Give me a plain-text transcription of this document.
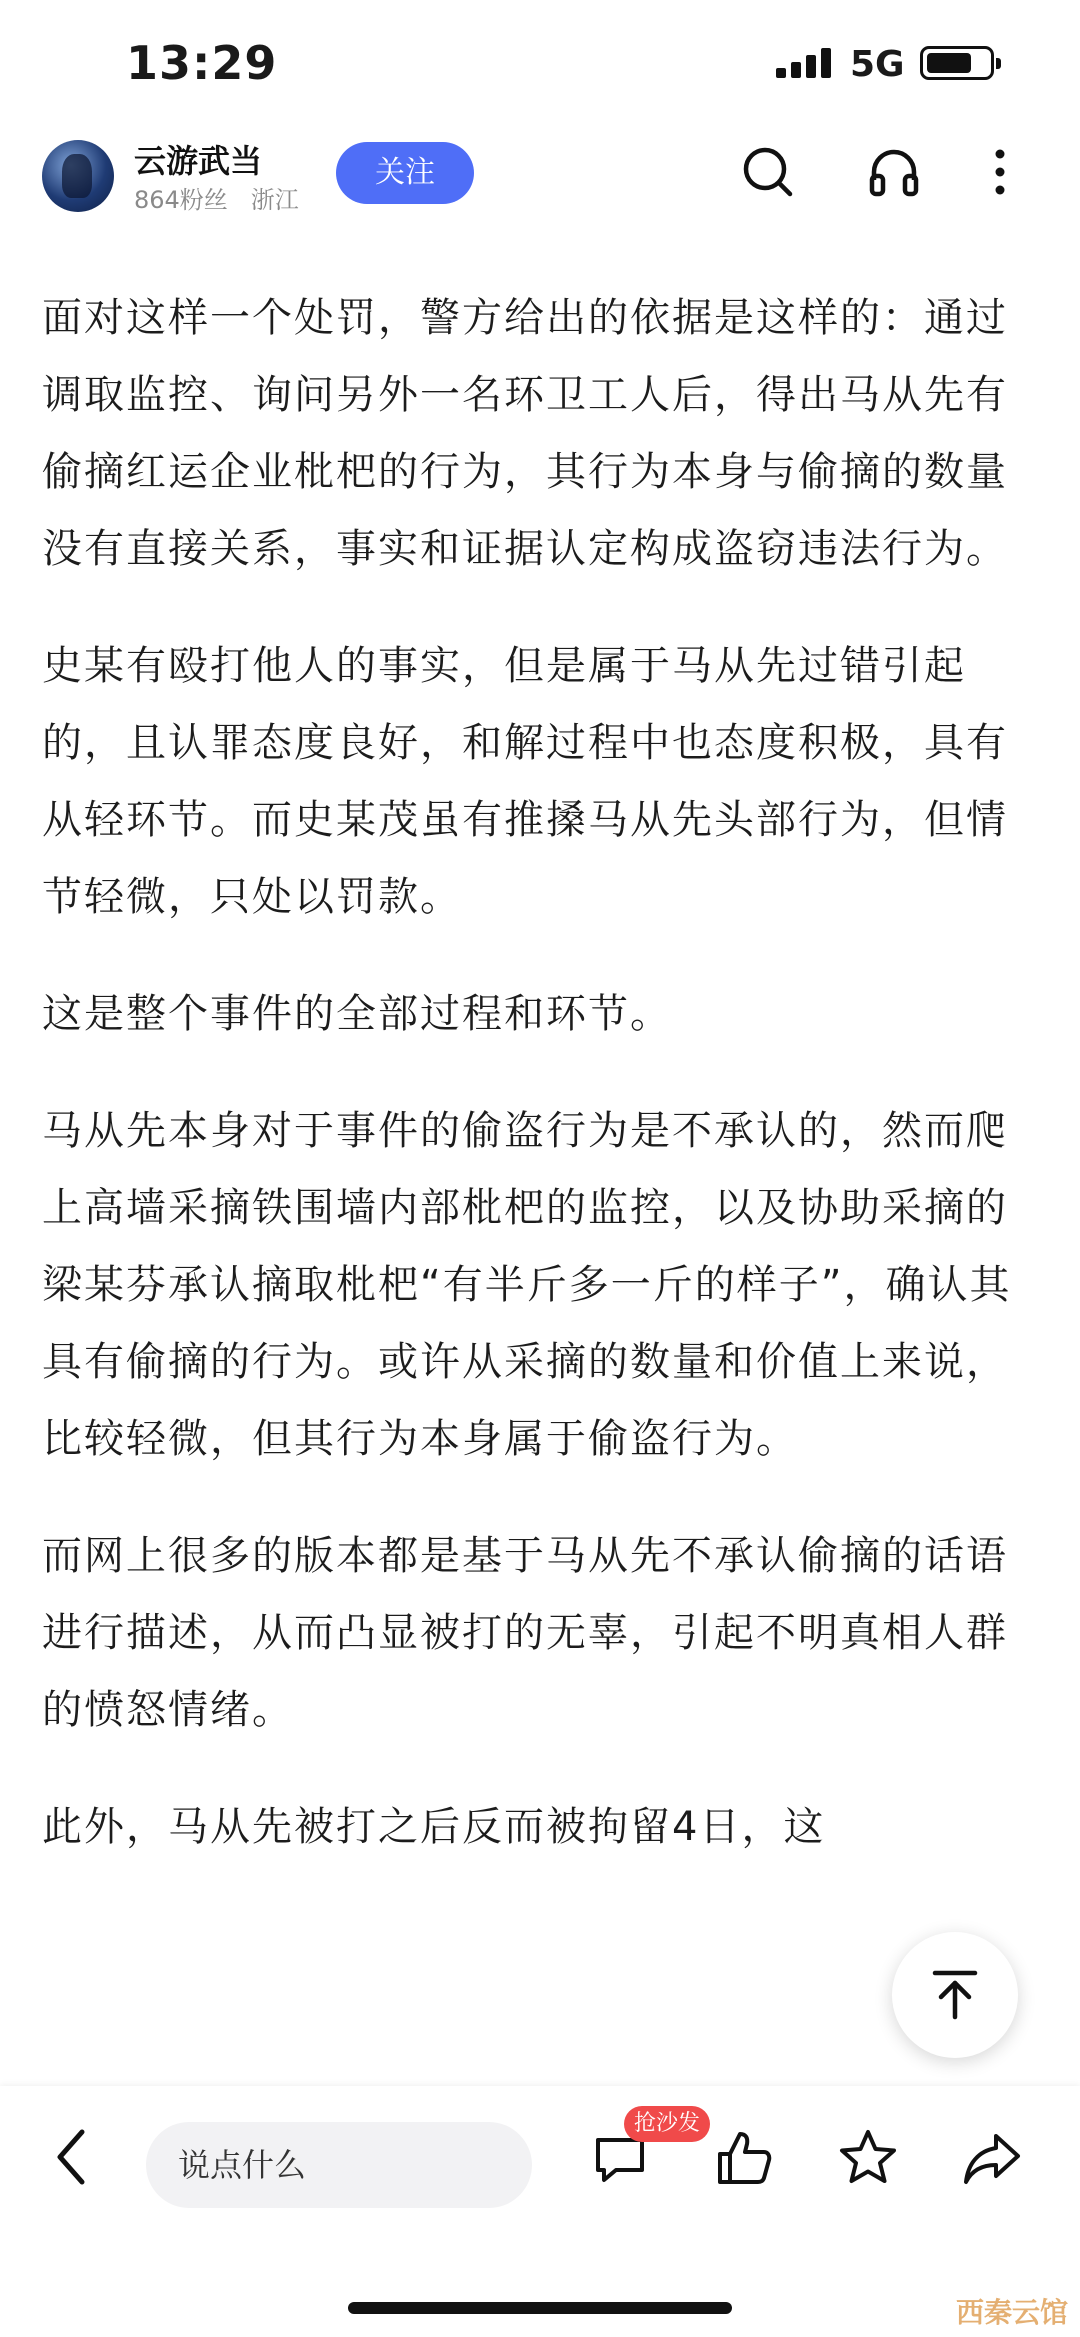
13:29	5G
云游武当
864粉丝   浙江
关注

面对这样一个处罚，警方给出的依据是这样的：通过调取监控、询问另外一名环卫工人后，得出马从先有偷摘红运企业枇杷的行为，其行为本身与偷摘的数量没有直接关系，事实和证据认定构成盗窃违法行为。

史某有殴打他人的事实，但是属于马从先过错引起的，且认罪态度良好，和解过程中也态度积极，具有从轻环节。而史某茂虽有推搡马从先头部行为，但情节轻微，只处以罚款。

这是整个事件的全部过程和环节。

马从先本身对于事件的偷盗行为是不承认的，然而爬上高墙采摘铁围墙内部枇杷的监控，以及协助采摘的梁某芬承认摘取枇杷“有半斤多一斤的样子”，确认其具有偷摘的行为。或许从采摘的数量和价值上来说，比较轻微，但其行为本身属于偷盗行为。

而网上很多的版本都是基于马从先不承认偷摘的话语进行描述，从而凸显被打的无辜，引起不明真相人群的愤怒情绪。

此外，马从先被打之后反而被拘留4日，这

说点什么
抢沙发
西秦云馆
